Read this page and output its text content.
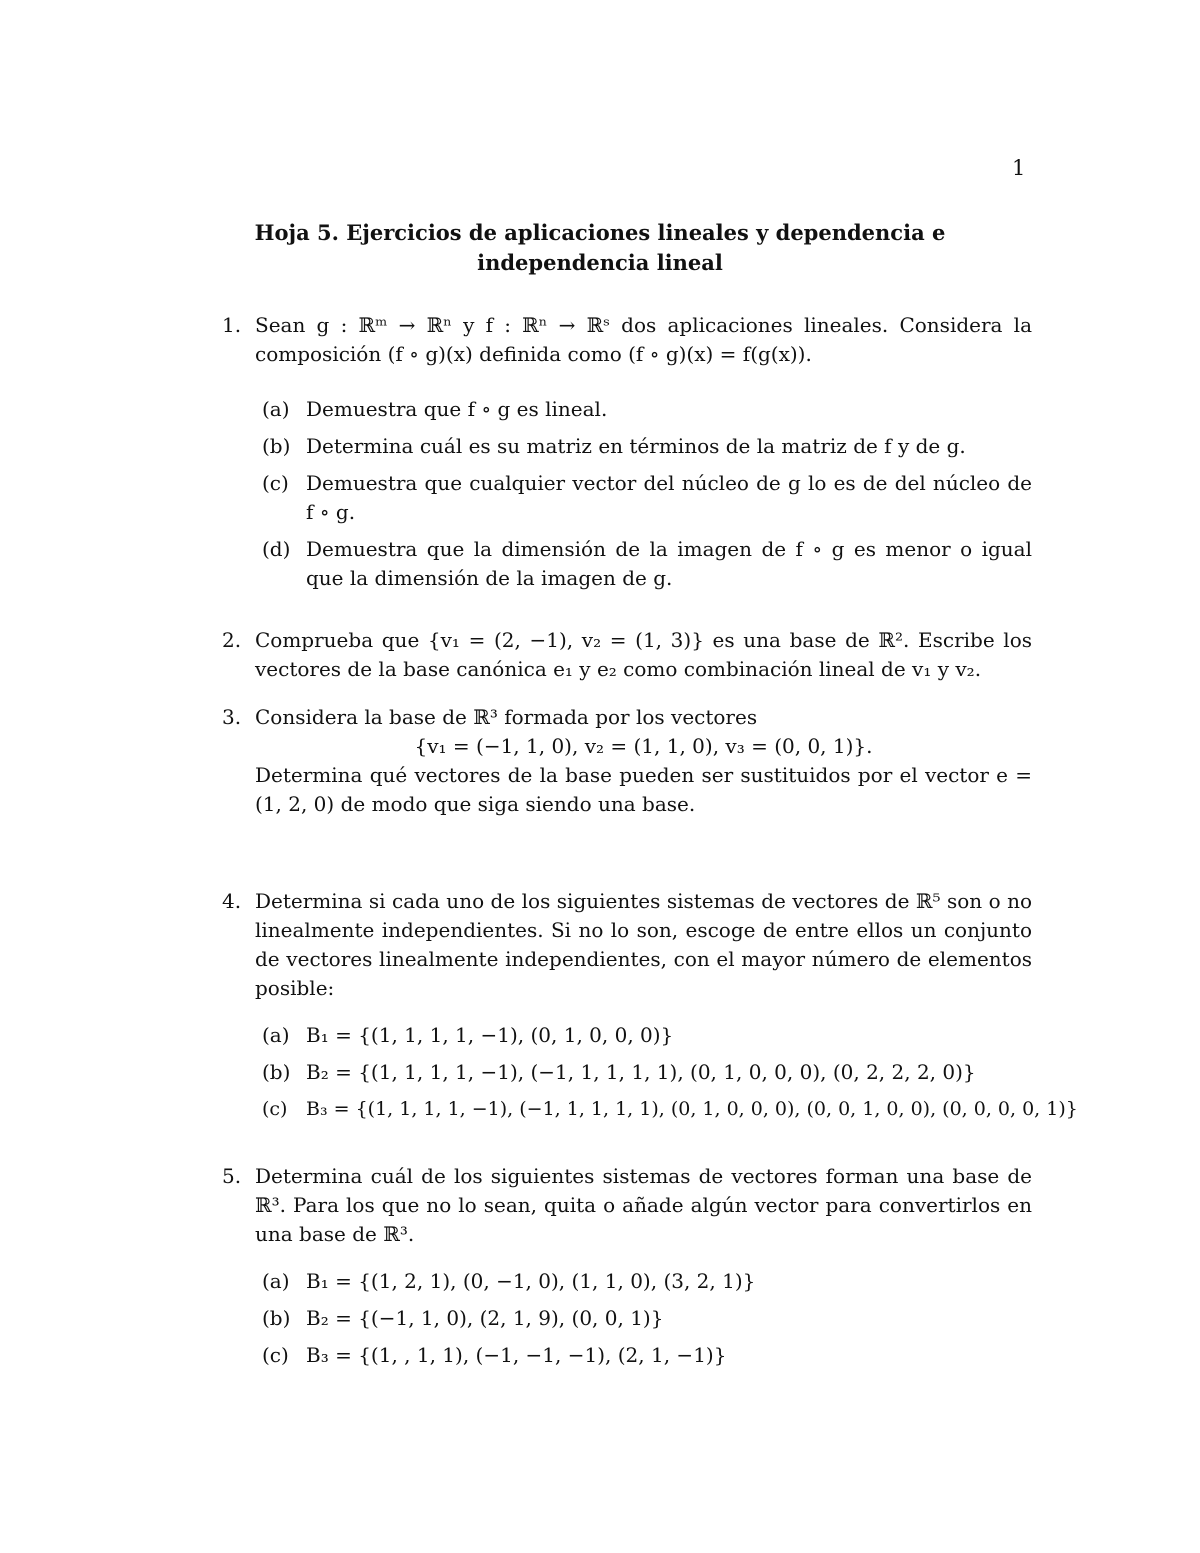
1
Hoja 5. Ejercicios de aplicaciones lineales y dependencia e
independencia lineal
1. Sean g : ℝᵐ → ℝⁿ y f : ℝⁿ → ℝˢ dos aplicaciones lineales. Considera la composición (f ∘ g)(x) definida como (f ∘ g)(x) = f(g(x)).

(a) Demuestra que f ∘ g es lineal.
(b) Determina cuál es su matriz en términos de la matriz de f y de g.
(c) Demuestra que cualquier vector del núcleo de g lo es de del núcleo de f ∘ g.
(d) Demuestra que la dimensión de la imagen de f ∘ g es menor o igual que la dimensión de la imagen de g.
2. Comprueba que {v₁ = (2, −1), v₂ = (1, 3)} es una base de ℝ². Escribe los vectores de la base canónica e₁ y e₂ como combinación lineal de v₁ y v₂.

3. Considera la base de ℝ³ formada por los vectores

{v₁ = (−1, 1, 0), v₂ = (1, 1, 0), v₃ = (0, 0, 1)}.

Determina qué vectores de la base pueden ser sustituidos por el vector e = (1, 2, 0) de modo que siga siendo una base.

4. Determina si cada uno de los siguientes sistemas de vectores de ℝ⁵ son o no linealmente independientes. Si no lo son, escoge de entre ellos un conjunto de vectores linealmente independientes, con el mayor número de elementos posible:

(a) B₁ = {(1, 1, 1, 1, −1), (0, 1, 0, 0, 0)}
(b) B₂ = {(1, 1, 1, 1, −1), (−1, 1, 1, 1, 1), (0, 1, 0, 0, 0), (0, 2, 2, 2, 0)}
(c) B₃ = {(1, 1, 1, 1, −1), (−1, 1, 1, 1, 1), (0, 1, 0, 0, 0), (0, 0, 1, 0, 0), (0, 0, 0, 0, 1)}
5. Determina cuál de los siguientes sistemas de vectores forman una base de ℝ³. Para los que no lo sean, quita o añade algún vector para convertirlos en una base de ℝ³.

(a) B₁ = {(1, 2, 1), (0, −1, 0), (1, 1, 0), (3, 2, 1)}
(b) B₂ = {(−1, 1, 0), (2, 1, 9), (0, 0, 1)}
(c) B₃ = {(1, , 1, 1), (−1, −1, −1), (2, 1, −1)}
